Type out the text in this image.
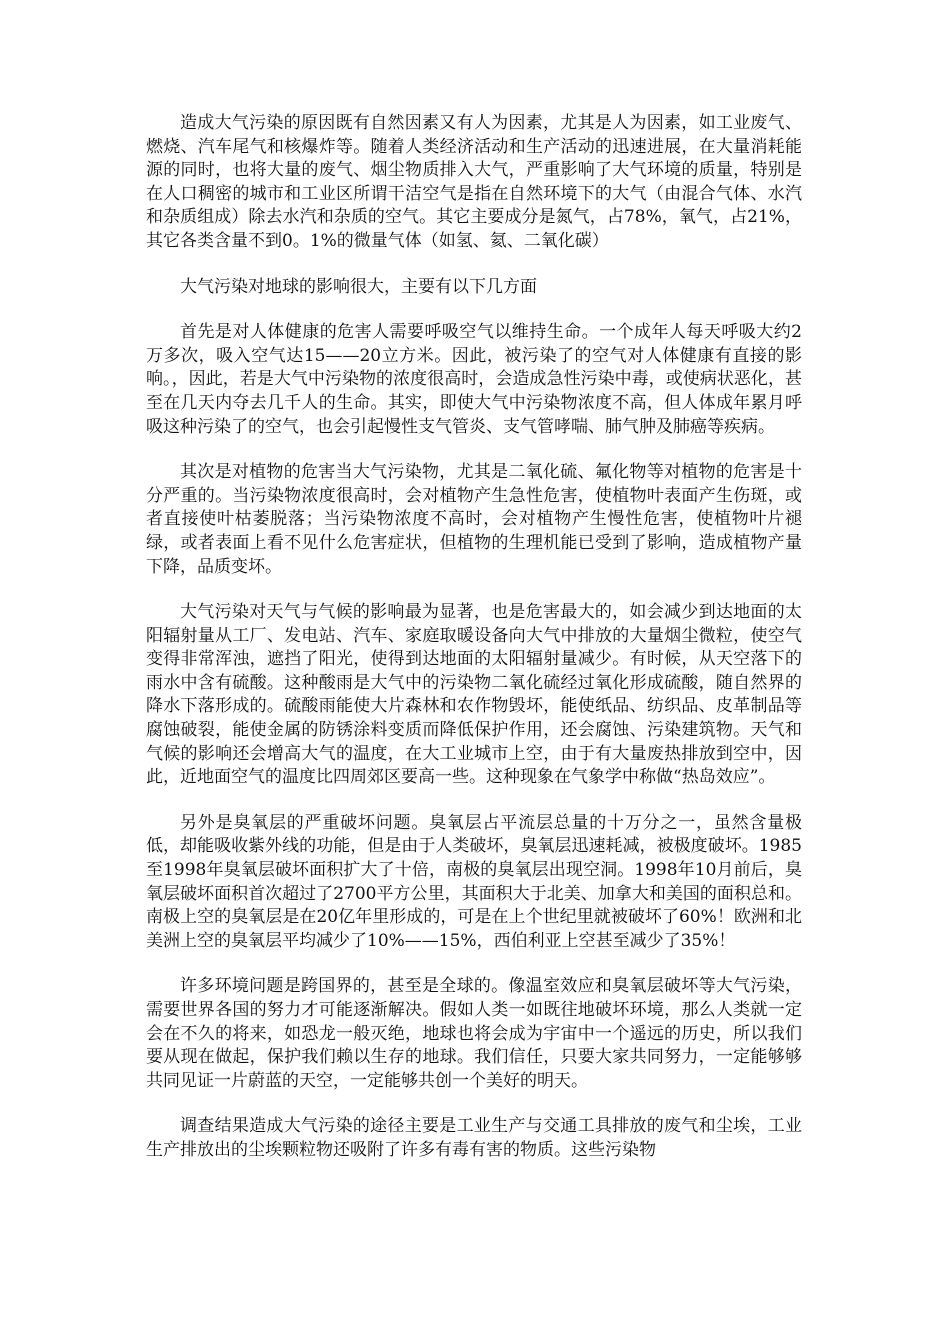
造成大气污染的原因既有自然因素又有人为因素，尤其是人为因素，如工业废气、燃烧、汽车尾气和核爆炸等。随着人类经济活动和生产活动的迅速进展，在大量消耗能源的同时，也将大量的废气、烟尘物质排入大气，严重影响了大气环境的质量，特别是在人口稠密的城市和工业区所谓干洁空气是指在自然环境下的大气（由混合气体、水汽和杂质组成）除去水汽和杂质的空气。其它主要成分是氮气，占78%，氧气，占21%，其它各类含量不到0。1%的微量气体（如氢、氦、二氧化碳）

大气污染对地球的影响很大，主要有以下几方面

首先是对人体健康的危害人需要呼吸空气以维持生命。一个成年人每天呼吸大约2万多次，吸入空气达15——20立方米。因此，被污染了的空气对人体健康有直接的影响。，因此，若是大气中污染物的浓度很高时，会造成急性污染中毒，或使病状恶化，甚至在几天内夺去几千人的生命。其实，即使大气中污染物浓度不高，但人体成年累月呼吸这种污染了的空气，也会引起慢性支气管炎、支气管哮喘、肺气肿及肺癌等疾病。

其次是对植物的危害当大气污染物，尤其是二氧化硫、氟化物等对植物的危害是十分严重的。当污染物浓度很高时，会对植物产生急性危害，使植物叶表面产生伤斑，或者直接使叶枯萎脱落；当污染物浓度不高时，会对植物产生慢性危害，使植物叶片褪绿，或者表面上看不见什么危害症状，但植物的生理机能已受到了影响，造成植物产量下降，品质变坏。

大气污染对天气与气候的影响最为显著，也是危害最大的，如会减少到达地面的太阳辐射量从工厂、发电站、汽车、家庭取暖设备向大气中排放的大量烟尘微粒，使空气变得非常浑浊，遮挡了阳光，使得到达地面的太阳辐射量减少。有时候，从天空落下的雨水中含有硫酸。这种酸雨是大气中的污染物二氧化硫经过氧化形成硫酸，随自然界的降水下落形成的。硫酸雨能使大片森林和农作物毁坏，能使纸品、纺织品、皮革制品等腐蚀破裂，能使金属的防锈涂料变质而降低保护作用，还会腐蚀、污染建筑物。天气和气候的影响还会增高大气的温度，在大工业城市上空，由于有大量废热排放到空中，因此，近地面空气的温度比四周郊区要高一些。这种现象在气象学中称做“热岛效应”。

另外是臭氧层的严重破坏问题。臭氧层占平流层总量的十万分之一，虽然含量极低，却能吸收紫外线的功能，但是由于人类破坏，臭氧层迅速耗减，被极度破坏。1985至1998年臭氧层破坏面积扩大了十倍，南极的臭氧层出现空洞。1998年10月前后，臭氧层破坏面积首次超过了2700平方公里，其面积大于北美、加拿大和美国的面积总和。南极上空的臭氧层是在20亿年里形成的，可是在上个世纪里就被破坏了60%！欧洲和北美洲上空的臭氧层平均减少了10%——15%，西伯利亚上空甚至减少了35%！

许多环境问题是跨国界的，甚至是全球的。像温室效应和臭氧层破坏等大气污染，需要世界各国的努力才可能逐渐解决。假如人类一如既往地破坏环境，那么人类就一定会在不久的将来，如恐龙一般灭绝，地球也将会成为宇宙中一个遥远的历史，所以我们要从现在做起，保护我们赖以生存的地球。我们信任，只要大家共同努力，一定能够够共同见证一片蔚蓝的天空，一定能够共创一个美好的明天。

调查结果造成大气污染的途径主要是工业生产与交通工具排放的废气和尘埃，工业生产排放出的尘埃颗粒物还吸附了许多有毒有害的物质。这些污染物
